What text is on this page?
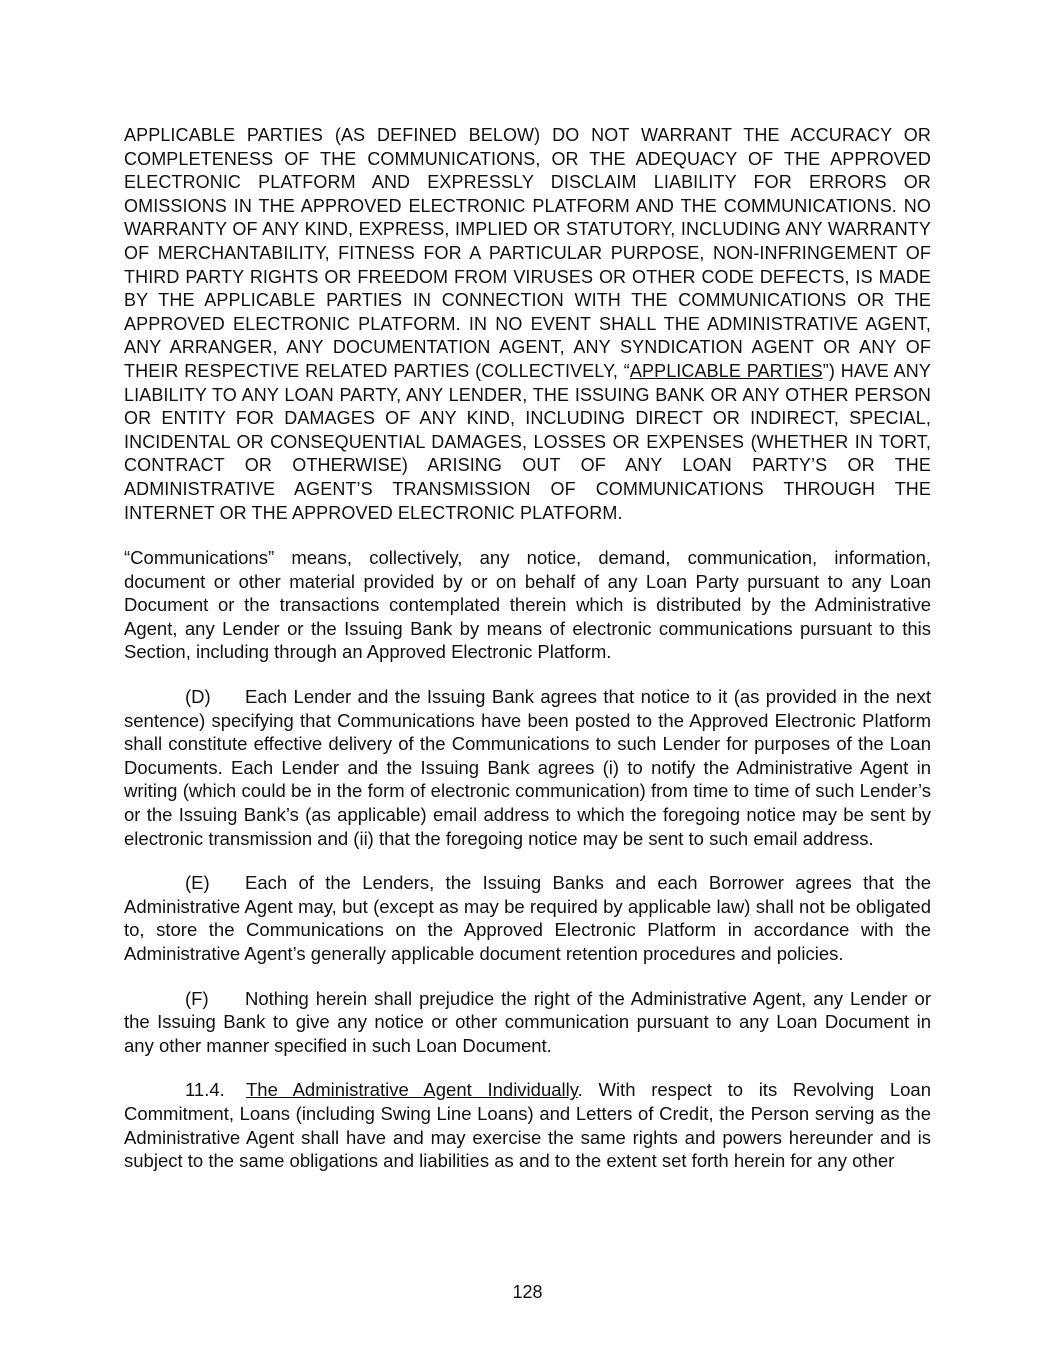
APPLICABLE PARTIES (AS DEFINED BELOW) DO NOT WARRANT THE ACCURACY OR COMPLETENESS OF THE COMMUNICATIONS, OR THE ADEQUACY OF THE APPROVED ELECTRONIC PLATFORM AND EXPRESSLY DISCLAIM LIABILITY FOR ERRORS OR OMISSIONS IN THE APPROVED ELECTRONIC PLATFORM AND THE COMMUNICATIONS. NO WARRANTY OF ANY KIND, EXPRESS, IMPLIED OR STATUTORY, INCLUDING ANY WARRANTY OF MERCHANTABILITY, FITNESS FOR A PARTICULAR PURPOSE, NON-INFRINGEMENT OF THIRD PARTY RIGHTS OR FREEDOM FROM VIRUSES OR OTHER CODE DEFECTS, IS MADE BY THE APPLICABLE PARTIES IN CONNECTION WITH THE COMMUNICATIONS OR THE APPROVED ELECTRONIC PLATFORM. IN NO EVENT SHALL THE ADMINISTRATIVE AGENT, ANY ARRANGER, ANY DOCUMENTATION AGENT, ANY SYNDICATION AGENT OR ANY OF THEIR RESPECTIVE RELATED PARTIES (COLLECTIVELY, “APPLICABLE PARTIES”) HAVE ANY LIABILITY TO ANY LOAN PARTY, ANY LENDER, THE ISSUING BANK OR ANY OTHER PERSON OR ENTITY FOR DAMAGES OF ANY KIND, INCLUDING DIRECT OR INDIRECT, SPECIAL, INCIDENTAL OR CONSEQUENTIAL DAMAGES, LOSSES OR EXPENSES (WHETHER IN TORT, CONTRACT OR OTHERWISE) ARISING OUT OF ANY LOAN PARTY’S OR THE ADMINISTRATIVE AGENT’S TRANSMISSION OF COMMUNICATIONS THROUGH THE INTERNET OR THE APPROVED ELECTRONIC PLATFORM.

“Communications” means, collectively, any notice, demand, communication, information, document or other material provided by or on behalf of any Loan Party pursuant to any Loan Document or the transactions contemplated therein which is distributed by the Administrative Agent, any Lender or the Issuing Bank by means of electronic communications pursuant to this Section, including through an Approved Electronic Platform.

(D) Each Lender and the Issuing Bank agrees that notice to it (as provided in the next sentence) specifying that Communications have been posted to the Approved Electronic Platform shall constitute effective delivery of the Communications to such Lender for purposes of the Loan Documents. Each Lender and the Issuing Bank agrees (i) to notify the Administrative Agent in writing (which could be in the form of electronic communication) from time to time of such Lender’s or the Issuing Bank’s (as applicable) email address to which the foregoing notice may be sent by electronic transmission and (ii) that the foregoing notice may be sent to such email address.

(E) Each of the Lenders, the Issuing Banks and each Borrower agrees that the Administrative Agent may, but (except as may be required by applicable law) shall not be obligated to, store the Communications on the Approved Electronic Platform in accordance with the Administrative Agent’s generally applicable document retention procedures and policies.

(F) Nothing herein shall prejudice the right of the Administrative Agent, any Lender or the Issuing Bank to give any notice or other communication pursuant to any Loan Document in any other manner specified in such Loan Document.

11.4. The Administrative Agent Individually. With respect to its Revolving Loan Commitment, Loans (including Swing Line Loans) and Letters of Credit, the Person serving as the Administrative Agent shall have and may exercise the same rights and powers hereunder and is subject to the same obligations and liabilities as and to the extent set forth herein for any other

128
